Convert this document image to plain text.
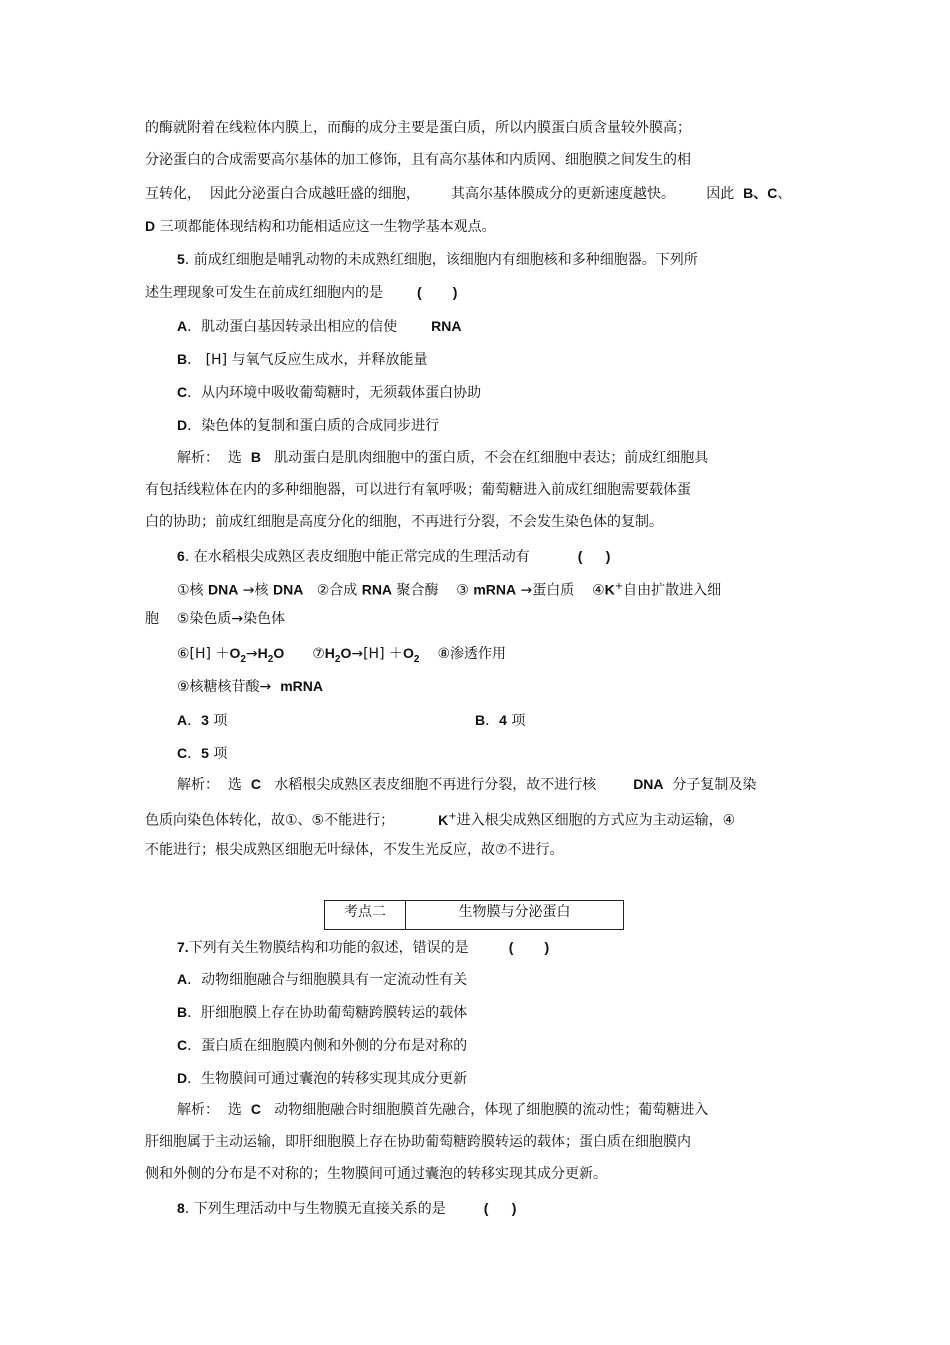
的酶就附着在线粒体内膜上，而酶的成分主要是蛋白质，所以内膜蛋白质含量较外膜高；
分泌蛋白的合成需要高尔基体的加工修饰，且有高尔基体和内质网、细胞膜之间发生的相
互转化，  因此分泌蛋白合成越旺盛的细胞，       其高尔基体膜成分的更新速度越快。       因此  B、C、
D 三项都能体现结构和功能相适应这一生物学基本观点。
5. 前成红细胞是哺乳动物的未成熟红细胞，该细胞内有细胞核和多种细胞器。下列所
述生理现象可发生在前成红细胞内的是 (        )
A．肌动蛋白基因转录出相应的信使 RNA
B． [H] 与氧气反应生成水，并释放能量
C．从内环境中吸收葡萄糖时，无须载体蛋白协助
D．染色体的复制和蛋白质的合成同步进行
解析：  选  B   肌动蛋白是肌肉细胞中的蛋白质，不会在红细胞中表达；前成红细胞具
有包括线粒体在内的多种细胞器，可以进行有氧呼吸；葡萄糖进入前成红细胞需要载体蛋
白的协助；前成红细胞是高度分化的细胞，不再进行分裂，不会发生染色体的复制。
6. 在水稻根尖成熟区表皮细胞中能正常完成的生理活动有	(      )
①核 DNA →核 DNA   ②合成 RNA 聚合酶    ③ mRNA →蛋白质    ④K+自由扩散进入细
胞    ⑤染色质→染色体
⑥[H] $+O_2\to H_2O$ $⑦H_2O\to[H] +O_2$ ⑧渗透作用
⑨核糖核苷酸→  mRNA
A．3 项	B．4 项
C．5 项
解析：  选  C   水稻根尖成熟区表皮细胞不再进行分裂，故不进行核  DNA  分子复制及染
色质向染色体转化，故①、⑤不能进行；	K+进入根尖成熟区细胞的方式应为主动运输，④
不能进行；根尖成熟区细胞无叶绿体，不发生光反应，故⑦不进行。
考点二	生物膜与分泌蛋白
7.下列有关生物膜结构和功能的叙述，错误的是	(        )
A．动物细胞融合与细胞膜具有一定流动性有关
B．肝细胞膜上存在协助葡萄糖跨膜转运的载体
C．蛋白质在细胞膜内侧和外侧的分布是对称的
D．生物膜间可通过囊泡的转移实现其成分更新
解析：  选  C   动物细胞融合时细胞膜首先融合，体现了细胞膜的流动性；葡萄糖进入
肝细胞属于主动运输，即肝细胞膜上存在协助葡萄糖跨膜转运的载体；蛋白质在细胞膜内
侧和外侧的分布是不对称的；生物膜间可通过囊泡的转移实现其成分更新。
8. 下列生理活动中与生物膜无直接关系的是	(      )
